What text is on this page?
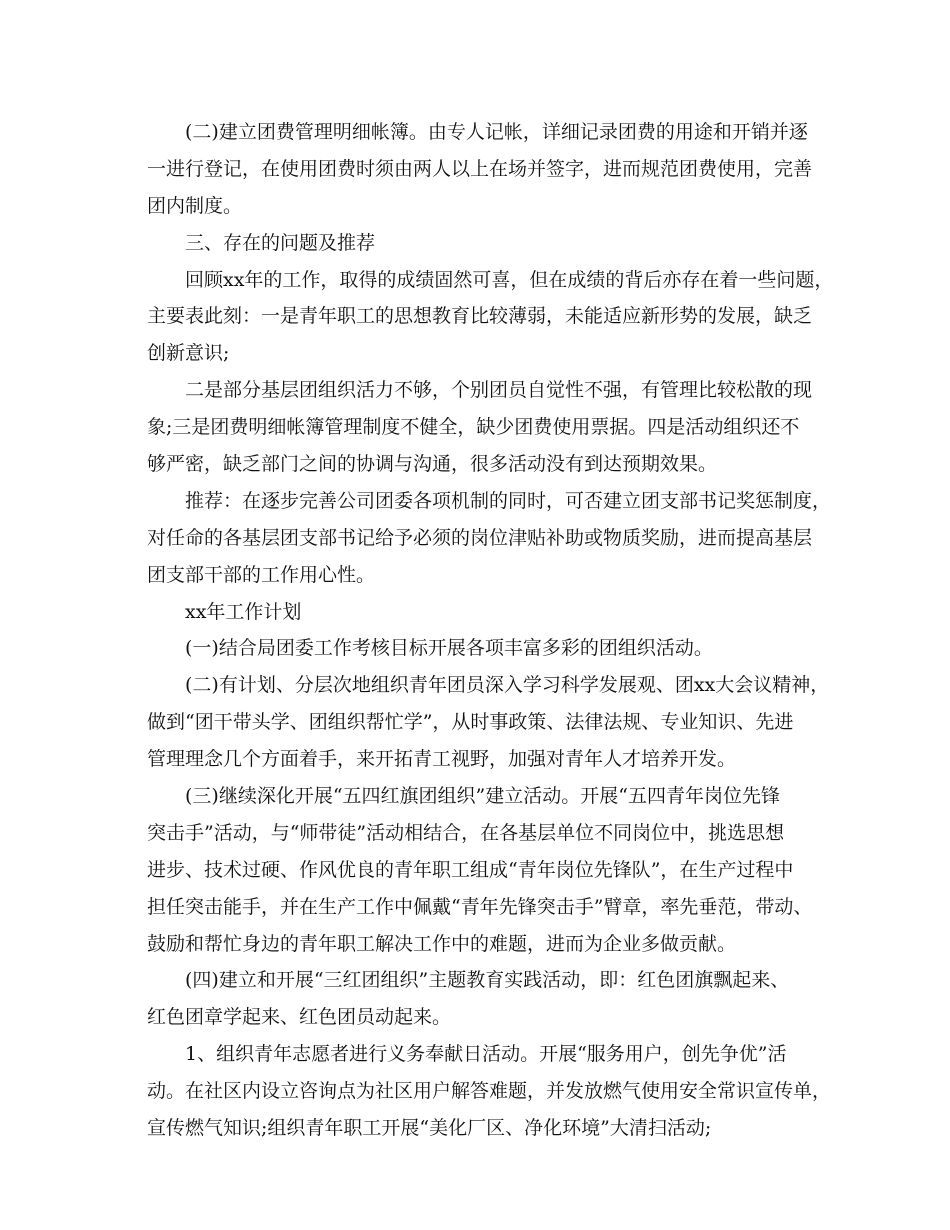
(二)建立团费管理明细帐簿。由专人记帐，详细记录团费的用途和开销并逐
一进行登记，在使用团费时须由两人以上在场并签字，进而规范团费使用，完善
团内制度。
三、存在的问题及推荐
回顾xx年的工作，取得的成绩固然可喜，但在成绩的背后亦存在着一些问题，
主要表此刻：一是青年职工的思想教育比较薄弱，未能适应新形势的发展，缺乏
创新意识;
二是部分基层团组织活力不够，个别团员自觉性不强，有管理比较松散的现
象;三是团费明细帐簿管理制度不健全，缺少团费使用票据。四是活动组织还不
够严密，缺乏部门之间的协调与沟通，很多活动没有到达预期效果。
推荐：在逐步完善公司团委各项机制的同时，可否建立团支部书记奖惩制度，
对任命的各基层团支部书记给予必须的岗位津贴补助或物质奖励，进而提高基层
团支部干部的工作用心性。
xx年工作计划
(一)结合局团委工作考核目标开展各项丰富多彩的团组织活动。
(二)有计划、分层次地组织青年团员深入学习科学发展观、团xx大会议精神，
做到“团干带头学、团组织帮忙学”，从时事政策、法律法规、专业知识、先进
管理理念几个方面着手，来开拓青工视野，加强对青年人才培养开发。
(三)继续深化开展“五四红旗团组织”建立活动。开展“五四青年岗位先锋
突击手”活动，与“师带徒”活动相结合，在各基层单位不同岗位中，挑选思想
进步、技术过硬、作风优良的青年职工组成“青年岗位先锋队”，在生产过程中
担任突击能手，并在生产工作中佩戴“青年先锋突击手”臂章，率先垂范，带动、
鼓励和帮忙身边的青年职工解决工作中的难题，进而为企业多做贡献。
(四)建立和开展“三红团组织”主题教育实践活动，即：红色团旗飘起来、
红色团章学起来、红色团员动起来。
1、组织青年志愿者进行义务奉献日活动。开展“服务用户，创先争优”活
动。在社区内设立咨询点为社区用户解答难题，并发放燃气使用安全常识宣传单，
宣传燃气知识;组织青年职工开展“美化厂区、净化环境”大清扫活动;
